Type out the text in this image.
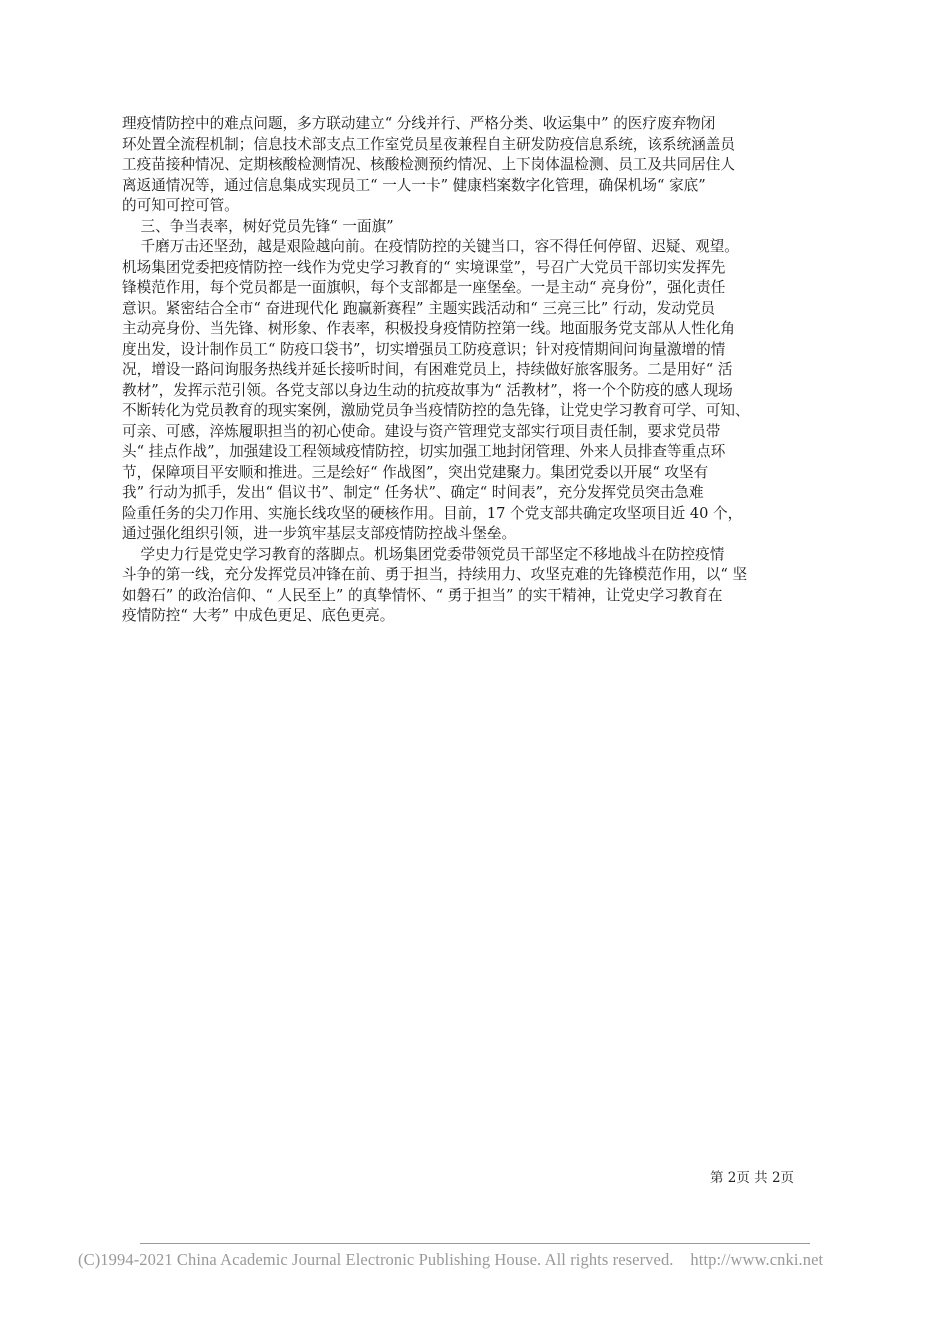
理疫情防控中的难点问题，多方联动建立“ 分线并行、严格分类、收运集中” 的医疗废弃物闭
环处置全流程机制；信息技术部支点工作室党员星夜兼程自主研发防疫信息系统，该系统涵盖员
工疫苗接种情况、定期核酸检测情况、核酸检测预约情况、上下岗体温检测、员工及共同居住人
离返通情况等，通过信息集成实现员工“ 一人一卡” 健康档案数字化管理，确保机场“ 家底”
的可知可控可管。
三、争当表率，树好党员先锋“ 一面旗”
千磨万击还坚劲，越是艰险越向前。在疫情防控的关键当口，容不得任何停留、迟疑、观望。
机场集团党委把疫情防控一线作为党史学习教育的“ 实境课堂”，号召广大党员干部切实发挥先
锋模范作用，每个党员都是一面旗帜，每个支部都是一座堡垒。一是主动“ 亮身份”，强化责任
意识。紧密结合全市“ 奋进现代化 跑赢新赛程” 主题实践活动和“ 三亮三比” 行动，发动党员
主动亮身份、当先锋、树形象、作表率，积极投身疫情防控第一线。地面服务党支部从人性化角
度出发，设计制作员工“ 防疫口袋书”，切实增强员工防疫意识；针对疫情期间问询量激增的情
况，增设一路问询服务热线并延长接听时间，有困难党员上，持续做好旅客服务。二是用好“ 活
教材”，发挥示范引领。各党支部以身边生动的抗疫故事为“ 活教材”，将一个个防疫的感人现场
不断转化为党员教育的现实案例，激励党员争当疫情防控的急先锋，让党史学习教育可学、可知、
可亲、可感，淬炼履职担当的初心使命。建设与资产管理党支部实行项目责任制，要求党员带
头“ 挂点作战”，加强建设工程领域疫情防控，切实加强工地封闭管理、外来人员排查等重点环
节，保障项目平安顺和推进。三是绘好“ 作战图”，突出党建聚力。集团党委以开展“ 攻坚有
我” 行动为抓手，发出“ 倡议书”、制定“ 任务状”、确定“ 时间表”，充分发挥党员突击急难
险重任务的尖刀作用、实施长线攻坚的硬核作用。目前，17 个党支部共确定攻坚项目近 40 个，
通过强化组织引领，进一步筑牢基层支部疫情防控战斗堡垒。
学史力行是党史学习教育的落脚点。机场集团党委带领党员干部坚定不移地战斗在防控疫情
斗争的第一线，充分发挥党员冲锋在前、勇于担当，持续用力、攻坚克难的先锋模范作用，以“ 坚
如磐石” 的政治信仰、“ 人民至上” 的真挚情怀、“ 勇于担当” 的实干精神，让党史学习教育在
疫情防控“ 大考” 中成色更足、底色更亮。
第 2页 共 2页
(C)1994-2021 China Academic Journal Electronic Publishing House. All rights reserved.    http://www.cnki.net
